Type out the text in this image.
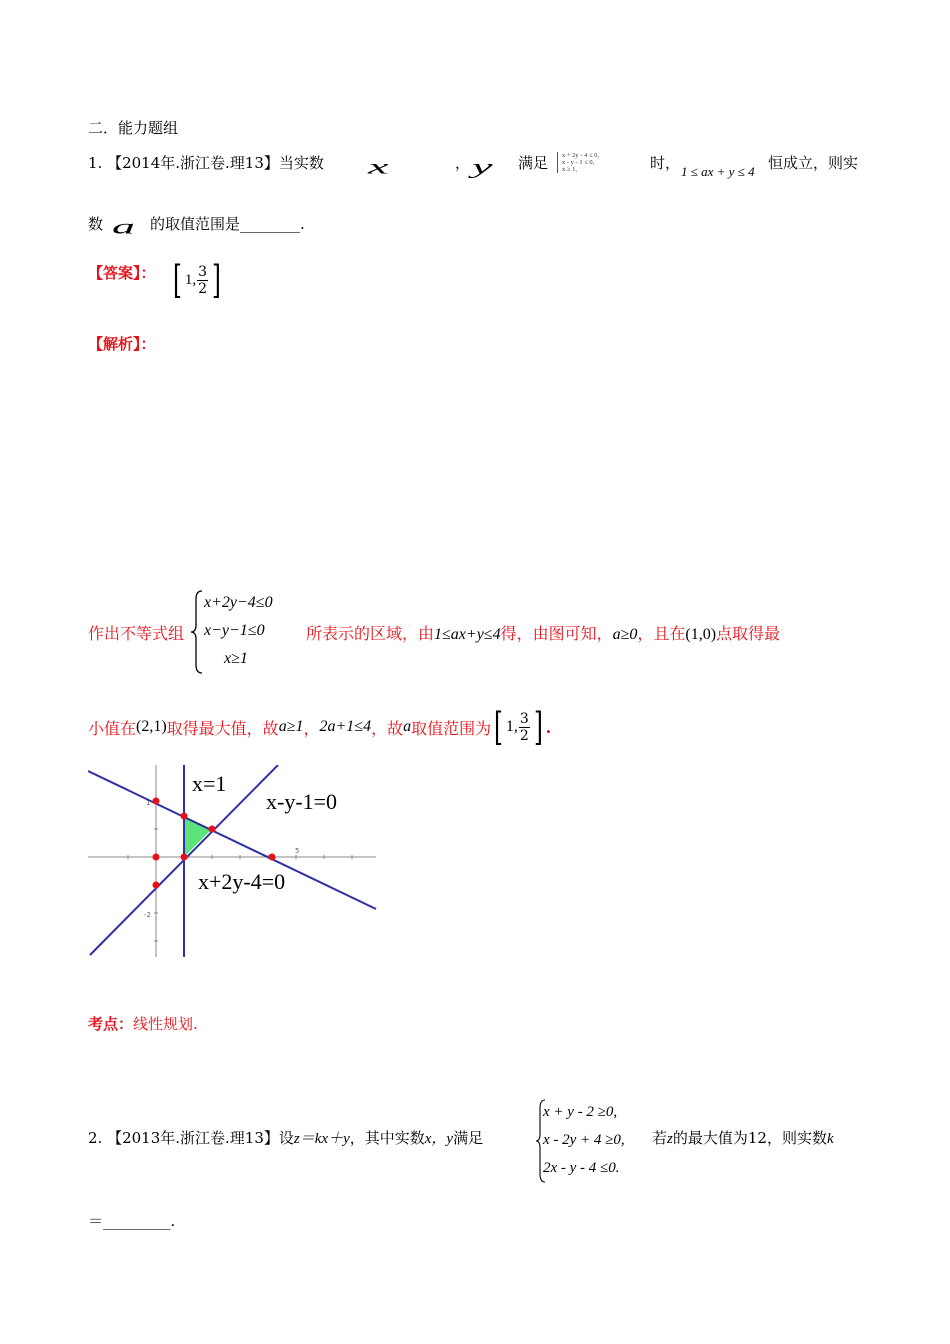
二．能力题组
1. 【2014年.浙江卷.理13】当实数 x	， y 满足 x + 2y - 4 ≤ 0,
x - y - 1 ≤ 0,
x ≥ 1,	时， 1 ≤ ax + y ≤ 4 恒成立，则实
数 a 的取值范围是________.
【答案】： [ 1, $\frac{3}{2}$ ]
【解析】：
作出不等式组
x+2y−4≤0
x−y−1≤0
x≥1
所表示的区域，由1≤ax+y≤4得，由图可知，a≥0，且在(1,0)点取得最
小值在 (2,1) 取得最大值，故 a≥1 ， 2a+1≤4 ，故 a 取值范围为 [ 1, $\frac{3}{2}$ ] .
1
-2
5
x=1
x-y-1=0
x+2y-4=0
考点：线性规划.
2. 【2013年.浙江卷.理13】设z＝kx＋y，其中实数x，y满足
x + y - 2 ≥0,
x - 2y + 4 ≥0,
2x - y - 4 ≤0.
若z的最大值为12，则实数k
＝_________.
